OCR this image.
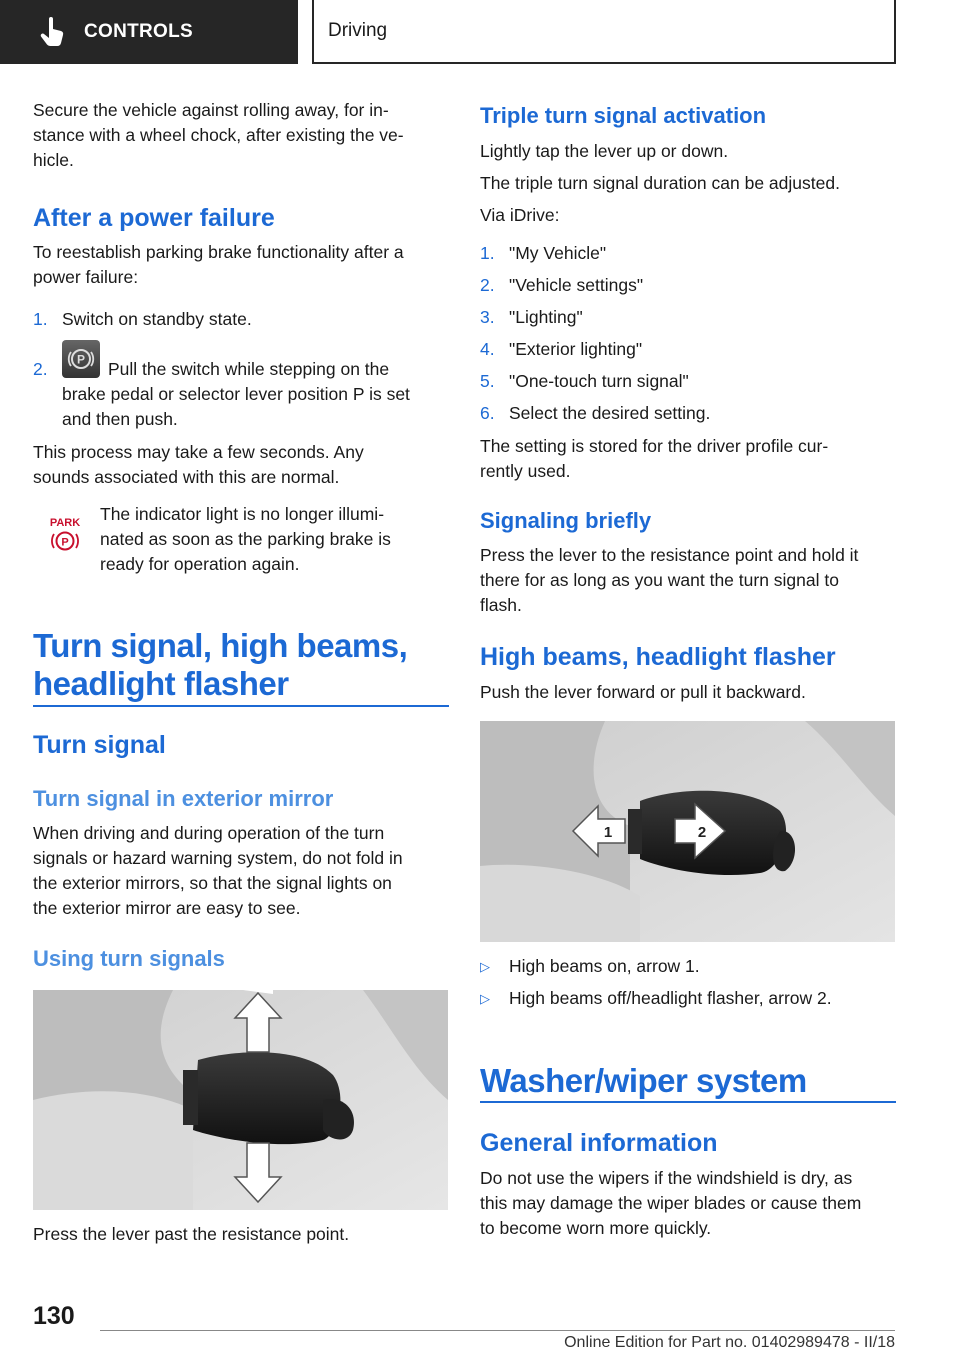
CONTROLS	Driving
Secure the vehicle against rolling away, for in-
stance with a wheel chock, after existing the ve-
hicle.
After a power failure
To reestablish parking brake functionality after a
power failure:
1. Switch on standby state.
2. P	Pull the switch while stepping on the
brake pedal or selector lever position P is set
and then push.
This process may take a few seconds. Any
sounds associated with this are normal.
PARK
P
The indicator light is no longer illumi-
nated as soon as the parking brake is
ready for operation again.
Turn signal, high beams,
headlight flasher
Turn signal
Turn signal in exterior mirror
When driving and during operation of the turn
signals or hazard warning system, do not fold in
the exterior mirrors, so that the signal lights on
the exterior mirror are easy to see.
Using turn signals
Press the lever past the resistance point.
Triple turn signal activation
Lightly tap the lever up or down.
The triple turn signal duration can be adjusted.
Via iDrive:
1. "My Vehicle"
2. "Vehicle settings"
3. "Lighting"
4. "Exterior lighting"
5. "One-touch turn signal"
6. Select the desired setting.
The setting is stored for the driver profile cur-
rently used.
Signaling briefly
Press the lever to the resistance point and hold it
there for as long as you want the turn signal to
flash.
High beams, headlight flasher
Push the lever forward or pull it backward.
1	2
▷ High beams on, arrow 1.
▷ High beams off/headlight flasher, arrow 2.
Washer/wiper system
General information
Do not use the wipers if the windshield is dry, as
this may damage the wiper blades or cause them
to become worn more quickly.
130
Online Edition for Part no. 01402989478 - II/18
